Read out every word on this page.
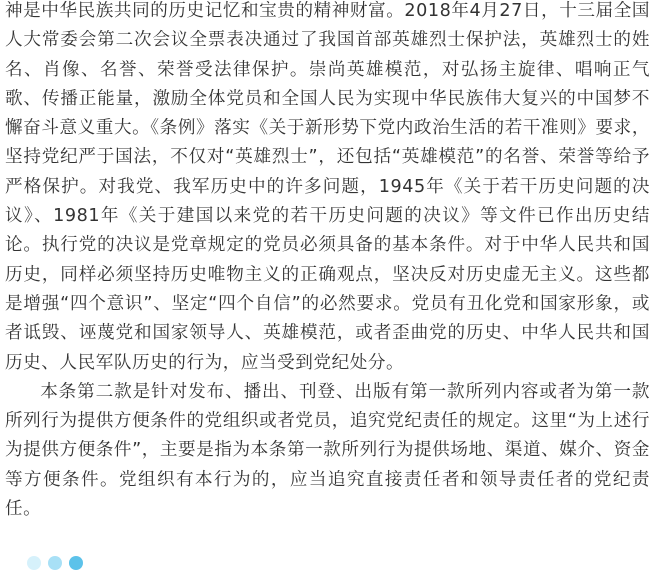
神是中华民族共同的历史记忆和宝贵的精神财富。2018年4月27日，十三届全国人大常委会第二次会议全票表决通过了我国首部英雄烈士保护法，英雄烈士的姓名、肖像、名誉、荣誉受法律保护。崇尚英雄模范，对弘扬主旋律、唱响正气歌、传播正能量，激励全体党员和全国人民为实现中华民族伟大复兴的中国梦不懈奋斗意义重大。《条例》落实《关于新形势下党内政治生活的若干准则》要求，坚持党纪严于国法，不仅对“英雄烈士”，还包括“英雄模范”的名誉、荣誉等给予严格保护。对我党、我军历史中的许多问题，1945年《关于若干历史问题的决议》、1981年《关于建国以来党的若干历史问题的决议》等文件已作出历史结论。执行党的决议是党章规定的党员必须具备的基本条件。对于中华人民共和国历史，同样必须坚持历史唯物主义的正确观点，坚决反对历史虚无主义。这些都是增强“四个意识”、坚定“四个自信”的必然要求。党员有丑化党和国家形象，或者诋毁、诬蔑党和国家领导人、英雄模范，或者歪曲党的历史、中华人民共和国历史、人民军队历史的行为，应当受到党纪处分。

本条第二款是针对发布、播出、刊登、出版有第一款所列内容或者为第一款所列行为提供方便条件的党组织或者党员，追究党纪责任的规定。这里“为上述行为提供方便条件”，主要是指为本条第一款所列行为提供场地、渠道、媒介、资金等方便条件。党组织有本行为的，应当追究直接责任者和领导责任者的党纪责任。
